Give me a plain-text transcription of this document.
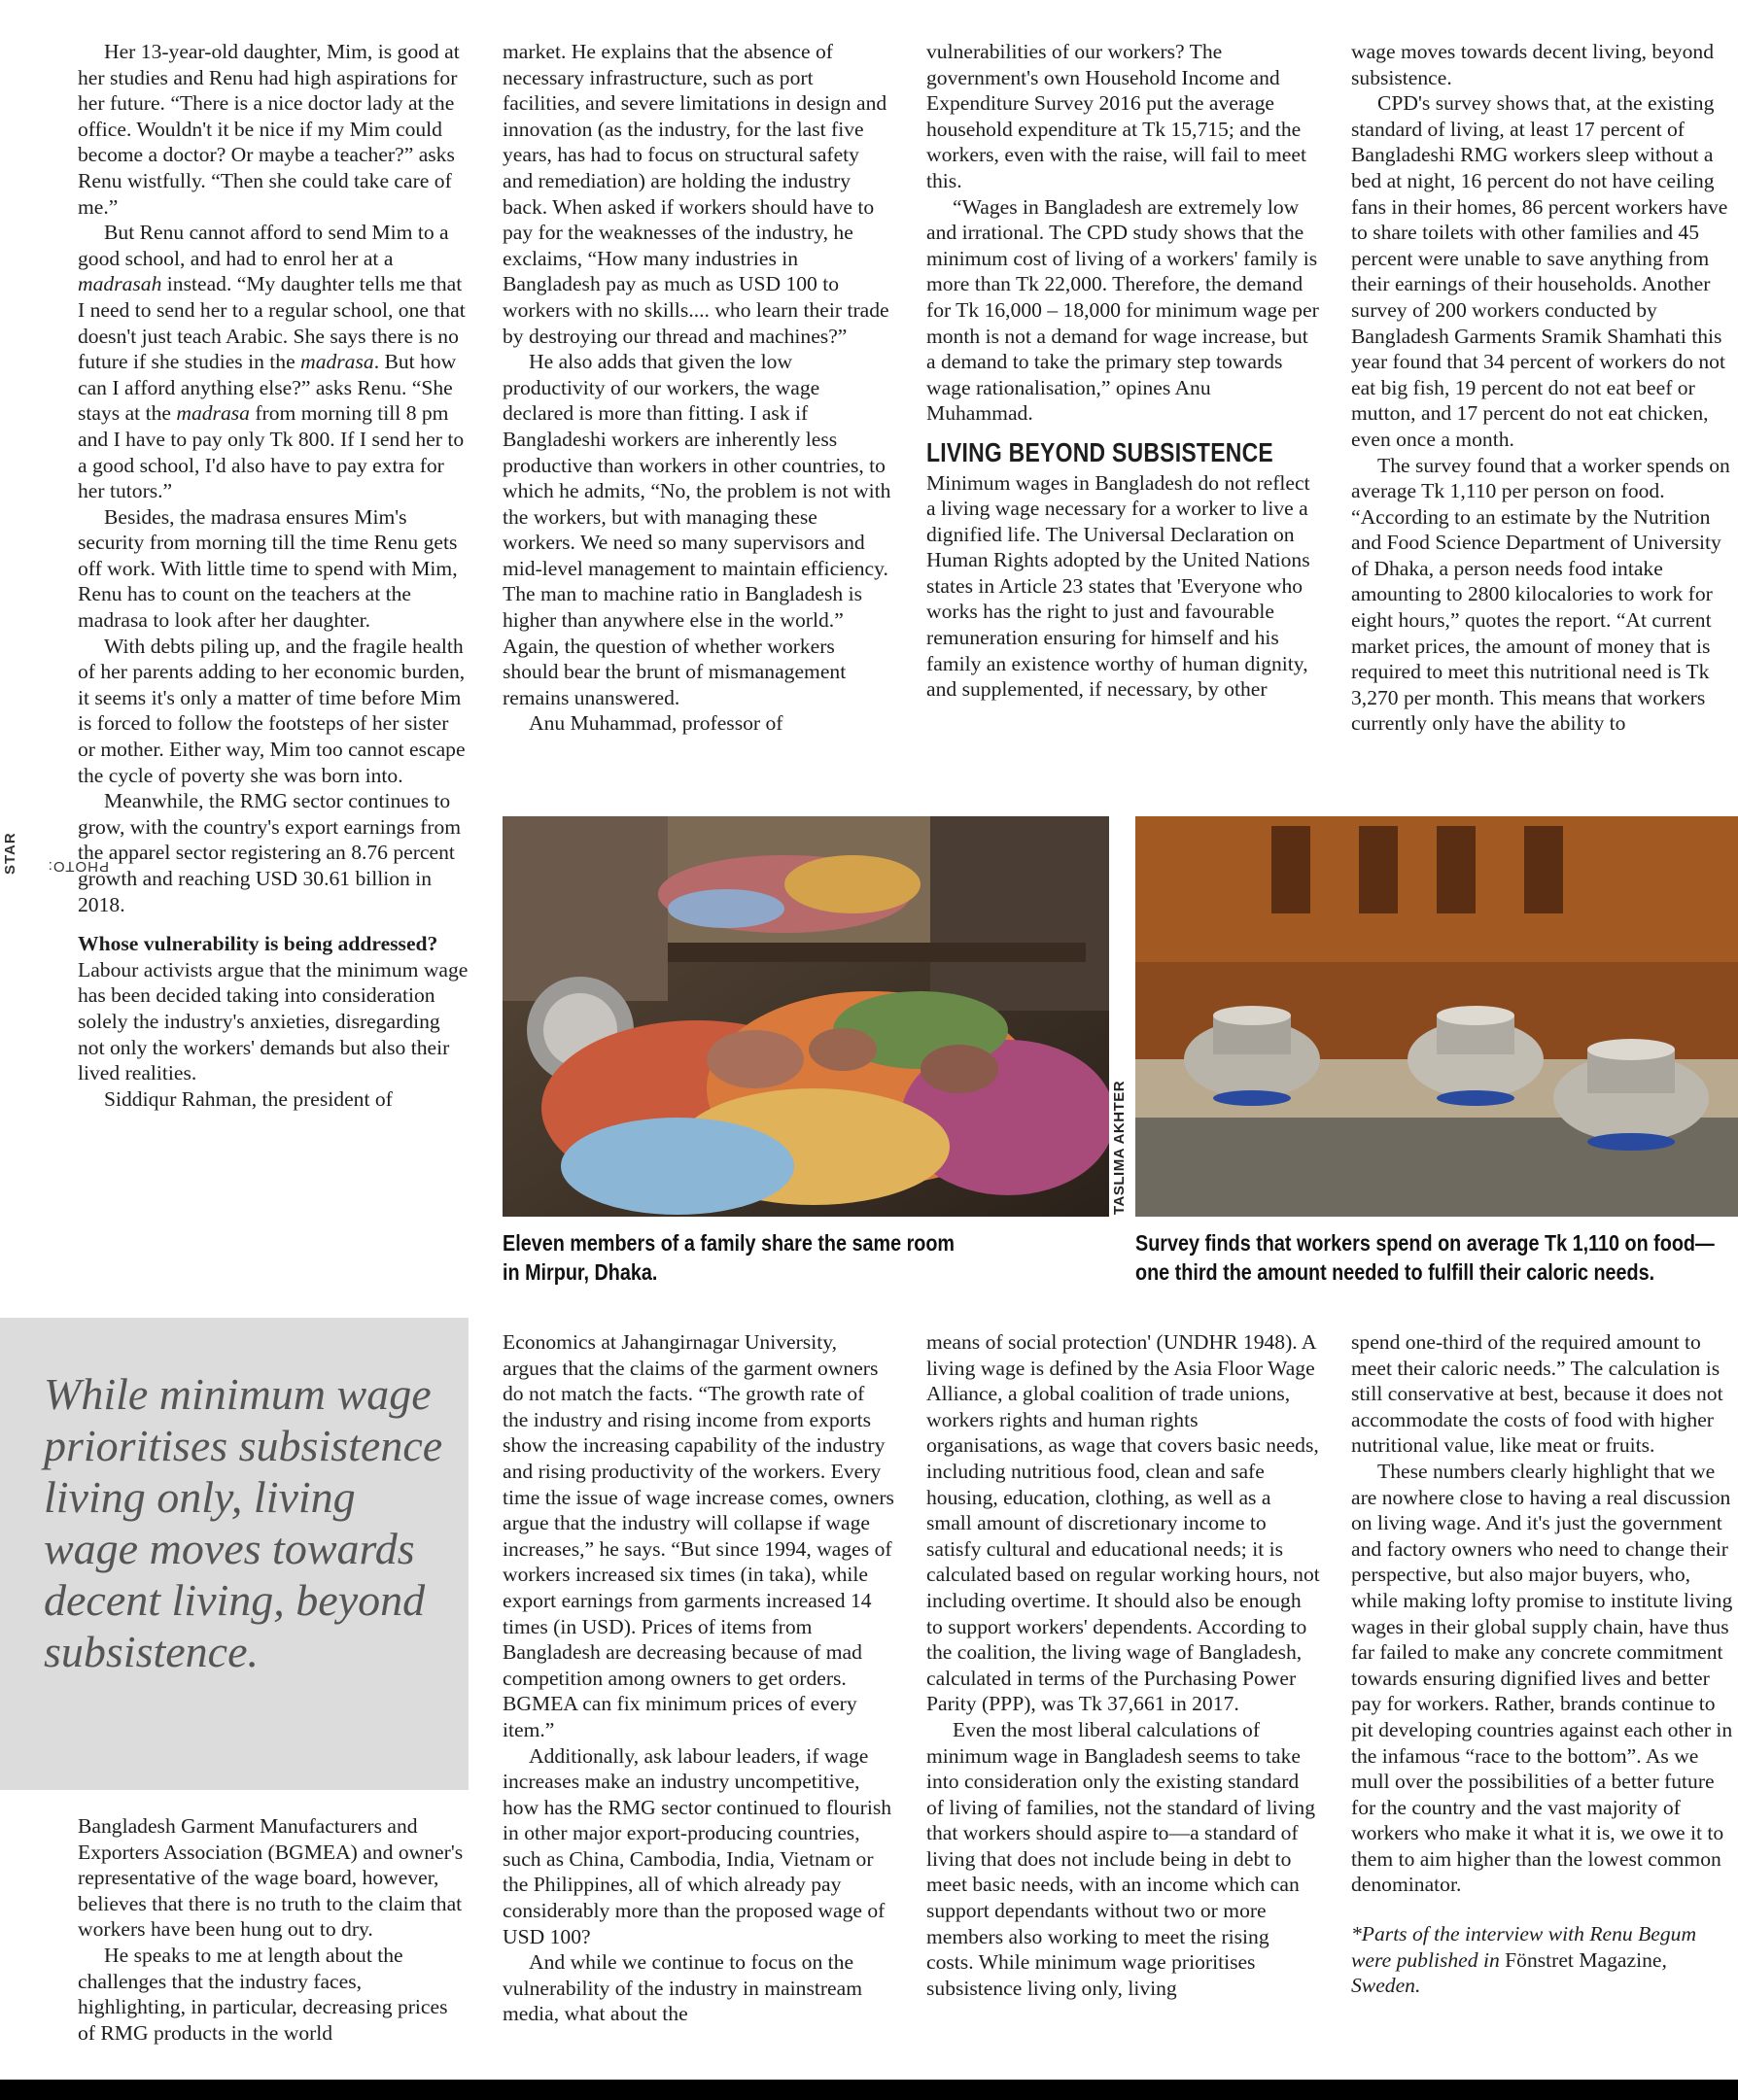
PHOTO:
STAR

Her 13-year-old daughter, Mim, is good at her studies and Renu had high aspirations for her future. “There is a nice doctor lady at the office. Wouldn't it be nice if my Mim could become a doctor? Or maybe a teacher?” asks Renu wistfully. “Then she could take care of me.”

But Renu cannot afford to send Mim to a good school, and had to enrol her at a madrasah instead. “My daughter tells me that I need to send her to a regular school, one that doesn't just teach Arabic. She says there is no future if she studies in the madrasa. But how can I afford anything else?” asks Renu. “She stays at the madrasa from morning till 8 pm and I have to pay only Tk 800. If I send her to a good school, I'd also have to pay extra for her tutors.”

Besides, the madrasa ensures Mim's security from morning till the time Renu gets off work. With little time to spend with Mim, Renu has to count on the teachers at the madrasa to look after her daughter.

With debts piling up, and the fragile health of her parents adding to her economic burden, it seems it's only a matter of time before Mim is forced to follow the footsteps of her sister or mother. Either way, Mim too cannot escape the cycle of poverty she was born into.

Meanwhile, the RMG sector continues to grow, with the country's export earnings from the apparel sector registering an 8.76 percent growth and reaching USD 30.61 billion in 2018.

Whose vulnerability is being addressed?

Labour activists argue that the minimum wage has been decided taking into consideration solely the industry's anxieties, disregarding not only the workers' demands but also their lived realities.

Siddiqur Rahman, the president of

While minimum wage prioritises subsistence living only, living wage moves towards decent living, beyond subsistence.

Bangladesh Garment Manufacturers and Exporters Association (BGMEA) and owner's representative of the wage board, however, believes that there is no truth to the claim that workers have been hung out to dry.

He speaks to me at length about the challenges that the industry faces, highlighting, in particular, decreasing prices of RMG products in the world

market. He explains that the absence of necessary infrastructure, such as port facilities, and severe limitations in design and innovation (as the industry, for the last five years, has had to focus on structural safety and remediation) are holding the industry back. When asked if workers should have to pay for the weaknesses of the industry, he exclaims, “How many industries in Bangladesh pay as much as USD 100 to workers with no skills.... who learn their trade by destroying our thread and machines?”

He also adds that given the low productivity of our workers, the wage declared is more than fitting. I ask if Bangladeshi workers are inherently less productive than workers in other countries, to which he admits, “No, the problem is not with the workers, but with managing these workers. We need so many supervisors and mid-level management to maintain efficiency. The man to machine ratio in Bangladesh is higher than anywhere else in the world.” Again, the question of whether workers should bear the brunt of mismanagement remains unanswered.

Anu Muhammad, professor of

vulnerabilities of our workers? The government's own Household Income and Expenditure Survey 2016 put the average household expenditure at Tk 15,715; and the workers, even with the raise, will fail to meet this.

“Wages in Bangladesh are extremely low and irrational. The CPD study shows that the minimum cost of living of a workers' family is more than Tk 22,000. Therefore, the demand for Tk 16,000 – 18,000 for minimum wage per month is not a demand for wage increase, but a demand to take the primary step towards wage rationalisation,” opines Anu Muhammad.

LIVING BEYOND SUBSISTENCE

Minimum wages in Bangladesh do not reflect a living wage necessary for a worker to live a dignified life. The Universal Declaration on Human Rights adopted by the United Nations states in Article 23 states that 'Everyone who works has the right to just and favourable remuneration ensuring for himself and his family an existence worthy of human dignity, and supplemented, if necessary, by other

wage moves towards decent living, beyond subsistence.

CPD's survey shows that, at the existing standard of living, at least 17 percent of Bangladeshi RMG workers sleep without a bed at night, 16 percent do not have ceiling fans in their homes, 86 percent workers have to share toilets with other families and 45 percent were unable to save anything from their earnings of their households. Another survey of 200 workers conducted by Bangladesh Garments Sramik Shamhati this year found that 34 percent of workers do not eat big fish, 19 percent do not eat beef or mutton, and 17 percent do not eat chicken, even once a month.

The survey found that a worker spends on average Tk 1,110 per person on food. “According to an estimate by the Nutrition and Food Science Department of University of Dhaka, a person needs food intake amounting to 2800 kilocalories to work for eight hours,” quotes the report. “At current market prices, the amount of money that is required to meet this nutritional need is Tk 3,270 per month. This means that workers currently only have the ability to

TASLIMA AKHTER
Eleven members of a family share the same room in Mirpur, Dhaka.
Survey finds that workers spend on average Tk 1,110 on food—one third the amount needed to fulfill their caloric needs.

Economics at Jahangirnagar University, argues that the claims of the garment owners do not match the facts. “The growth rate of the industry and rising income from exports show the increasing capability of the industry and rising productivity of the workers. Every time the issue of wage increase comes, owners argue that the industry will collapse if wage increases,” he says. “But since 1994, wages of workers increased six times (in taka), while export earnings from garments increased 14 times (in USD). Prices of items from Bangladesh are decreasing because of mad competition among owners to get orders. BGMEA can fix minimum prices of every item.”

Additionally, ask labour leaders, if wage increases make an industry uncompetitive, how has the RMG sector continued to flourish in other major export-producing countries, such as China, Cambodia, India, Vietnam or the Philippines, all of which already pay considerably more than the proposed wage of USD 100?

And while we continue to focus on the vulnerability of the industry in mainstream media, what about the

means of social protection' (UNDHR 1948). A living wage is defined by the Asia Floor Wage Alliance, a global coalition of trade unions, workers rights and human rights organisations, as wage that covers basic needs, including nutritious food, clean and safe housing, education, clothing, as well as a small amount of discretionary income to satisfy cultural and educational needs; it is calculated based on regular working hours, not including overtime. It should also be enough to support workers' dependents. According to the coalition, the living wage of Bangladesh, calculated in terms of the Purchasing Power Parity (PPP), was Tk 37,661 in 2017.

Even the most liberal calculations of minimum wage in Bangladesh seems to take into consideration only the existing standard of living of families, not the standard of living that workers should aspire to—a standard of living that does not include being in debt to meet basic needs, with an income which can support dependants without two or more members also working to meet the rising costs. While minimum wage prioritises subsistence living only, living

spend one-third of the required amount to meet their caloric needs.” The calculation is still conservative at best, because it does not accommodate the costs of food with higher nutritional value, like meat or fruits.

These numbers clearly highlight that we are nowhere close to having a real discussion on living wage. And it's just the government and factory owners who need to change their perspective, but also major buyers, who, while making lofty promise to institute living wages in their global supply chain, have thus far failed to make any concrete commitment towards ensuring dignified lives and better pay for workers. Rather, brands continue to pit developing countries against each other in the infamous “race to the bottom”. As we mull over the possibilities of a better future for the country and the vast majority of workers who make it what it is, we owe it to them to aim higher than the lowest common denominator.

*Parts of the interview with Renu Begum were published in Fönstret Magazine, Sweden.
